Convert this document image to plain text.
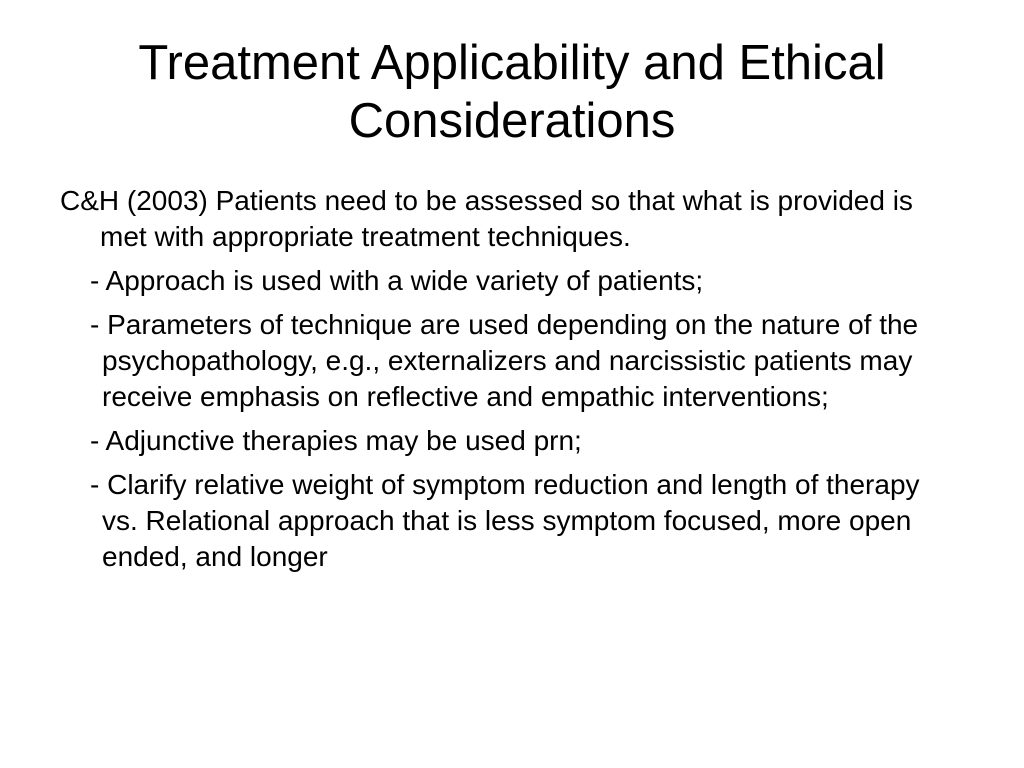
Treatment Applicability and Ethical Considerations

C&H (2003) Patients need to be assessed so that what is provided is met with appropriate treatment techniques.

- Approach is used with a wide variety of patients;

- Parameters of technique are used depending on the nature of the psychopathology, e.g., externalizers and narcissistic patients may receive emphasis on reflective and empathic interventions;

- Adjunctive therapies may be used prn;

- Clarify relative weight of symptom reduction and length of therapy vs. Relational approach that is less symptom focused, more open ended, and longer
